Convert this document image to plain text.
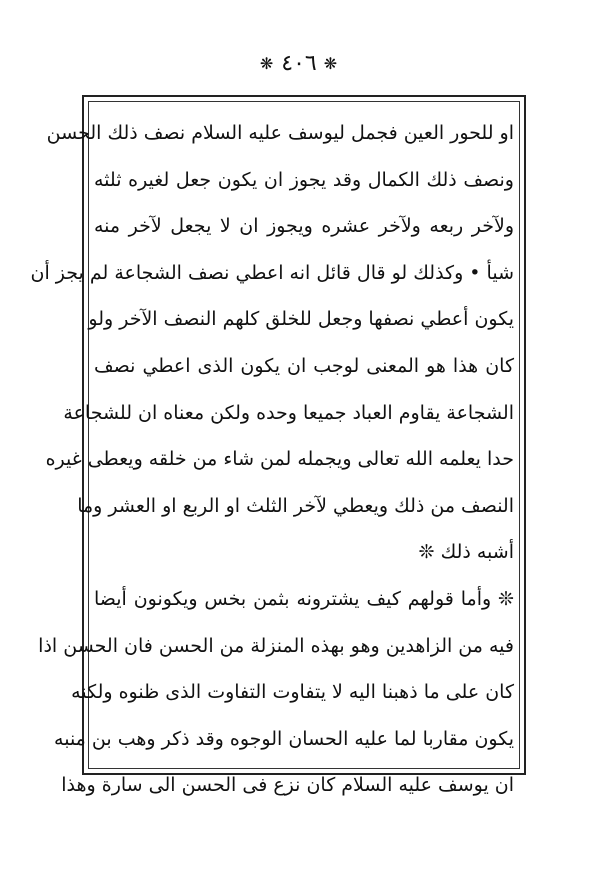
❋ ٤٠٦ ❋
او للحور العين فجمل ليوسف عليه السلام نصف ذلك الحسن
ونصف ذلك الكمال وقد يجوز ان يكون جعل لغيره ثلثه
ولآخر ربعه ولآخر عشره ويجوز ان لا يجعل لآخر منه
شيأ • وكذلك لو قال قائل انه اعطي نصف الشجاعة لم يجز أن
يكون أعطي نصفها وجعل للخلق كلهم النصف الآخر ولو
كان هذا هو المعنى لوجب ان يكون الذى اعطي نصف
الشجاعة يقاوم العباد جميعا وحده ولكن معناه ان للشجاعة
حدا يعلمه الله تعالى ويجمله لمن شاء من خلقه ويعطى غيره
النصف من ذلك ويعطي لآخر الثلث او الربع او العشر وما
أشبه ذلك ❊
❊ وأما قولهم كيف يشترونه بثمن بخس ويكونون أيضا
فيه من الزاهدين وهو بهذه المنزلة من الحسن فان الحسن اذا
كان على ما ذهبنا اليه لا يتفاوت التفاوت الذى ظنوه ولكنه
يكون مقاربا لما عليه الحسان الوجوه وقد ذكر وهب بن منبه
ان يوسف عليه السلام كان نزع فى الحسن الى سارة وهذا
